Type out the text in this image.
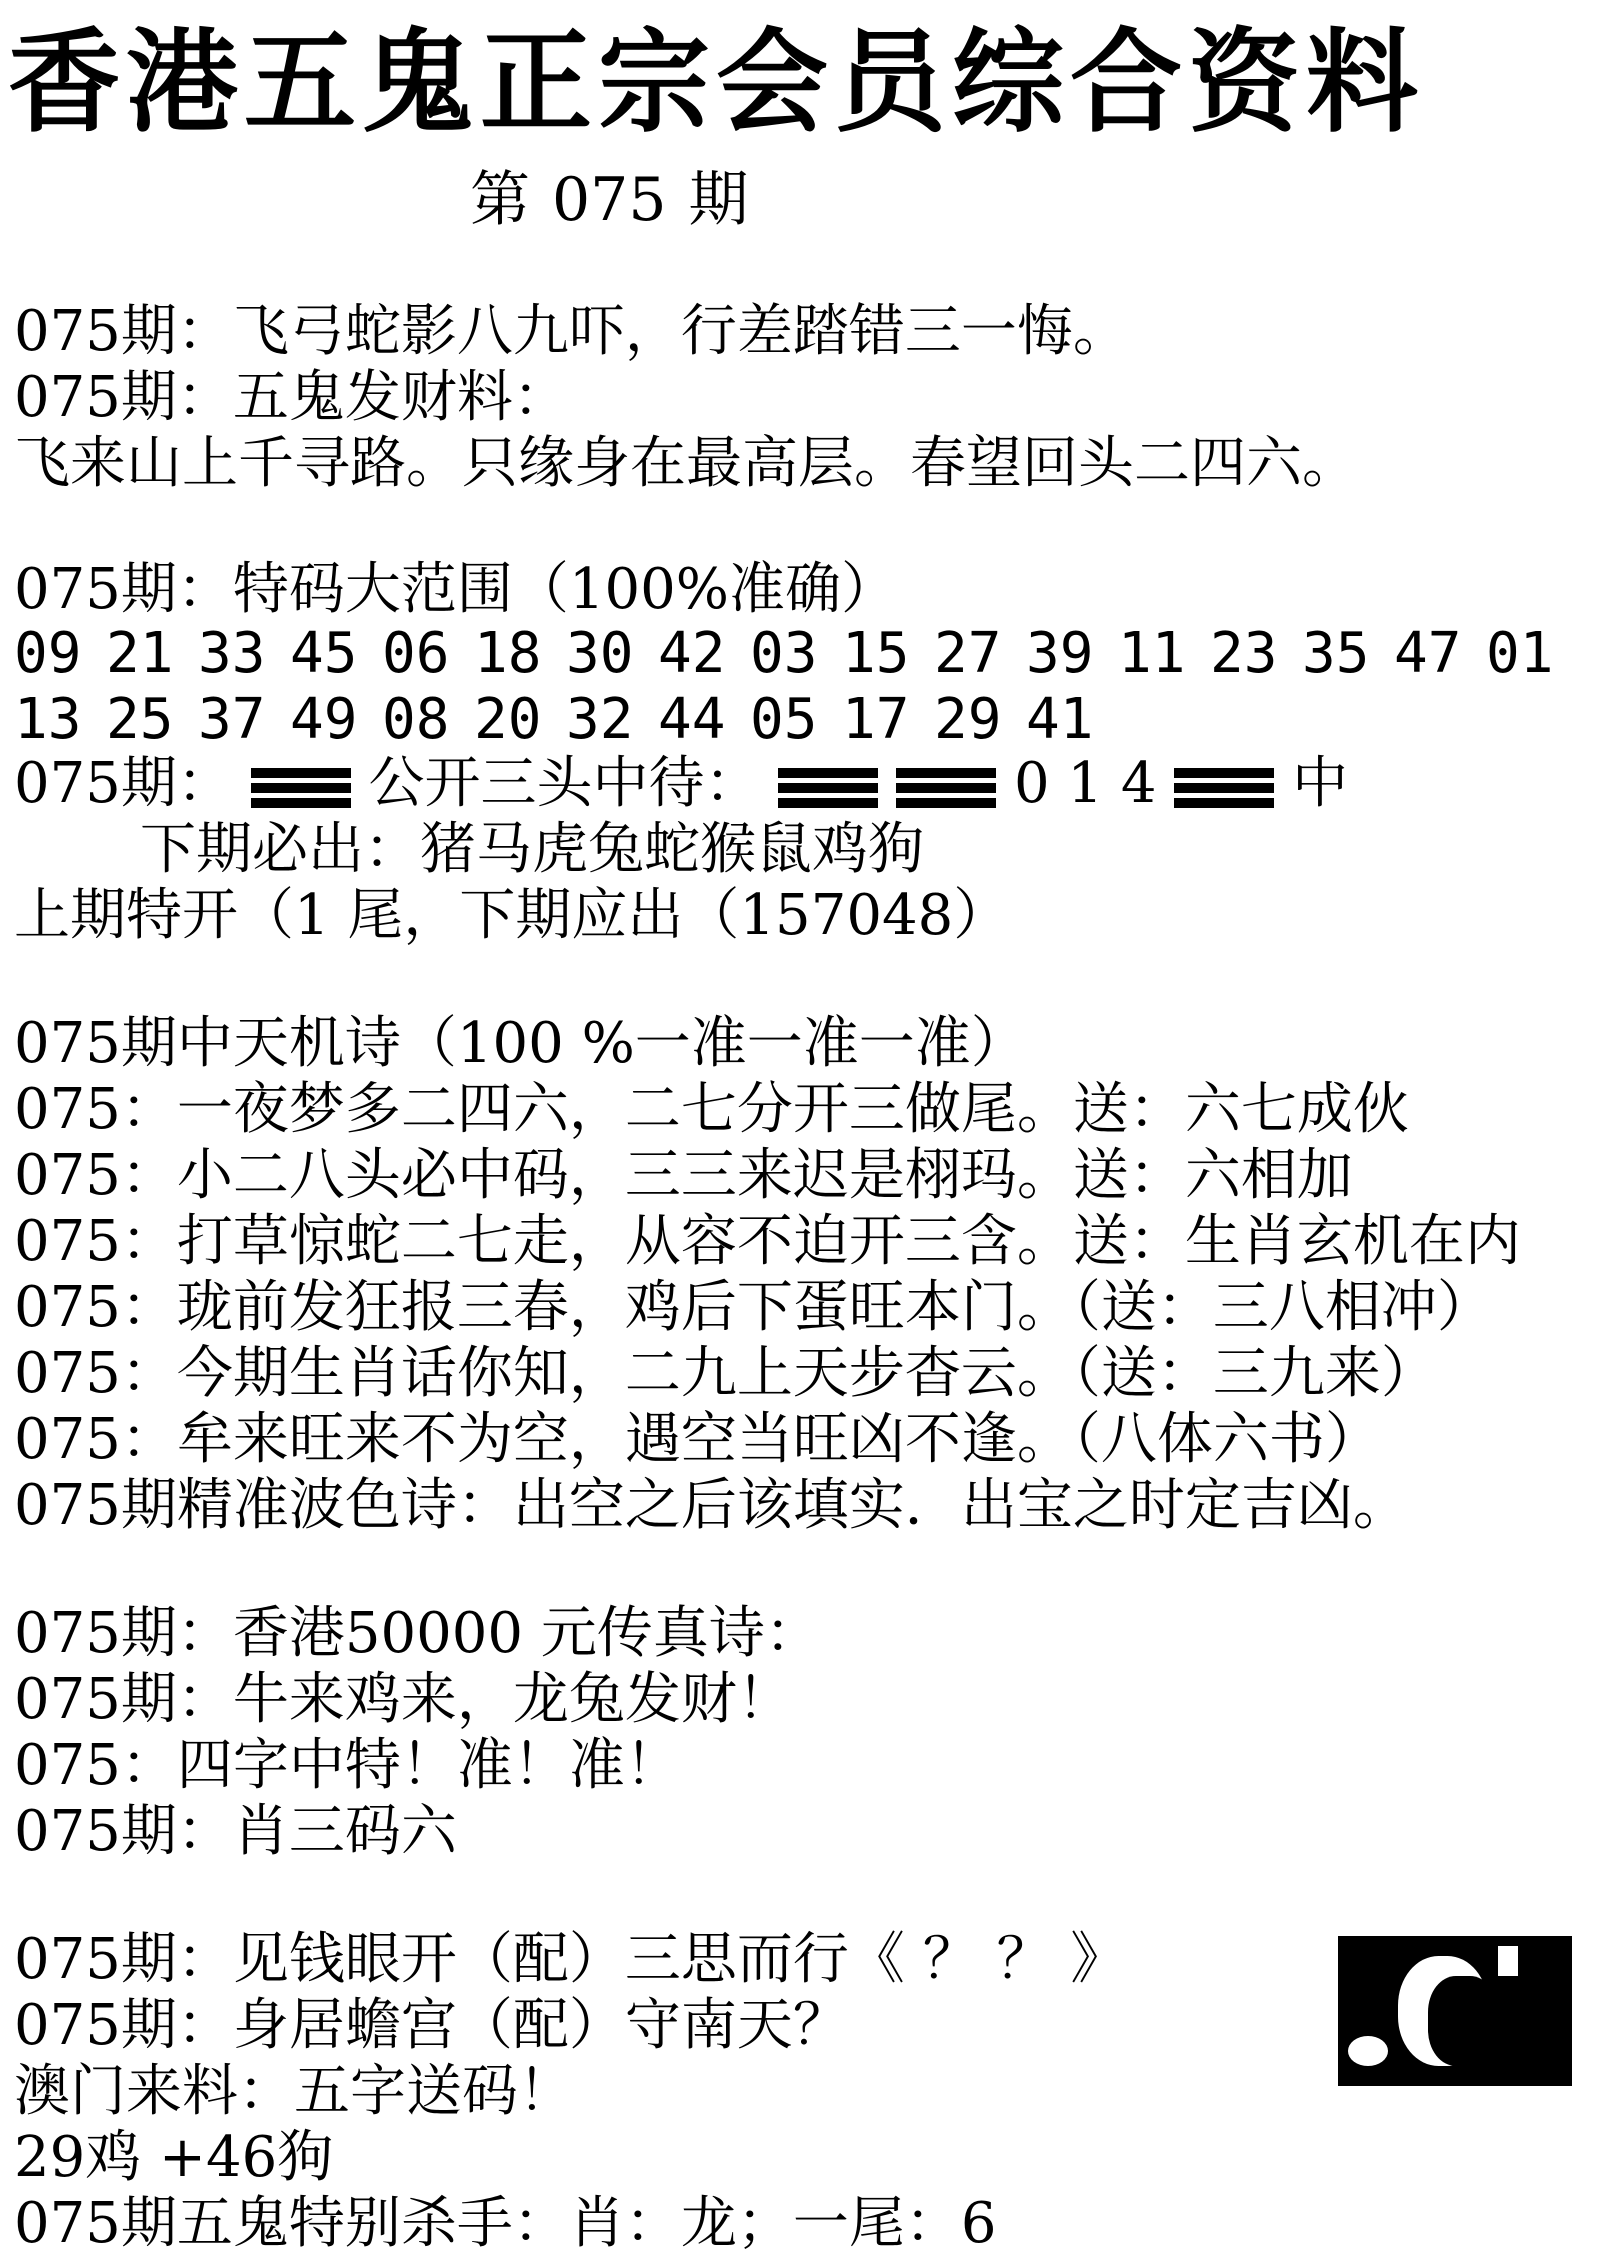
香港五鬼正宗会员综合资料
第 075 期
075期：飞弓蛇影八九吓，行差踏错三一悔。
075期：五鬼发财料：
飞来山上千寻路。只缘身在最高层。春望回头二四六。
075期：特码大范围（100%准确）
09 21 33 45 06 18 30 42 03 15 27 39 11 23 35 47 01
13 25 37 49 08 20 32 44 05 17 29 41
075期： 公开三头中待：	0 1 4 中
下期必出：猪马虎兔蛇猴鼠鸡狗
上期特开（1 尾，下期应出（157048）
075期中天机诗（100 %一准一准一准）
075：一夜梦多二四六，二七分开三做尾。送：六七成伙
075：小二八头必中码，三三来迟是栩玛。送：六相加
075：打草惊蛇二七走，从容不迫开三含。送：生肖玄机在内
075：珑前发狂报三春，鸡后下蛋旺本门。（送：三八相冲）
075：今期生肖话你知，二九上天步杳云。（送：三九来）
075：牟来旺来不为空，遇空当旺凶不逢。（八体六书）
075期精准波色诗：出空之后该填实．出宝之时定吉凶。
075期：香港50000 元传真诗：
075期：牛来鸡来，龙兔发财！
075：四字中特！准！准！
075期：肖三码六
075期：见钱眼开（配）三思而行《 ？ ？ 》
075期：身居蟾宫（配）守南天？
澳门来料：五字送码！
29鸡 +46狗
075期五鬼特别杀手：肖：龙；一尾：6
